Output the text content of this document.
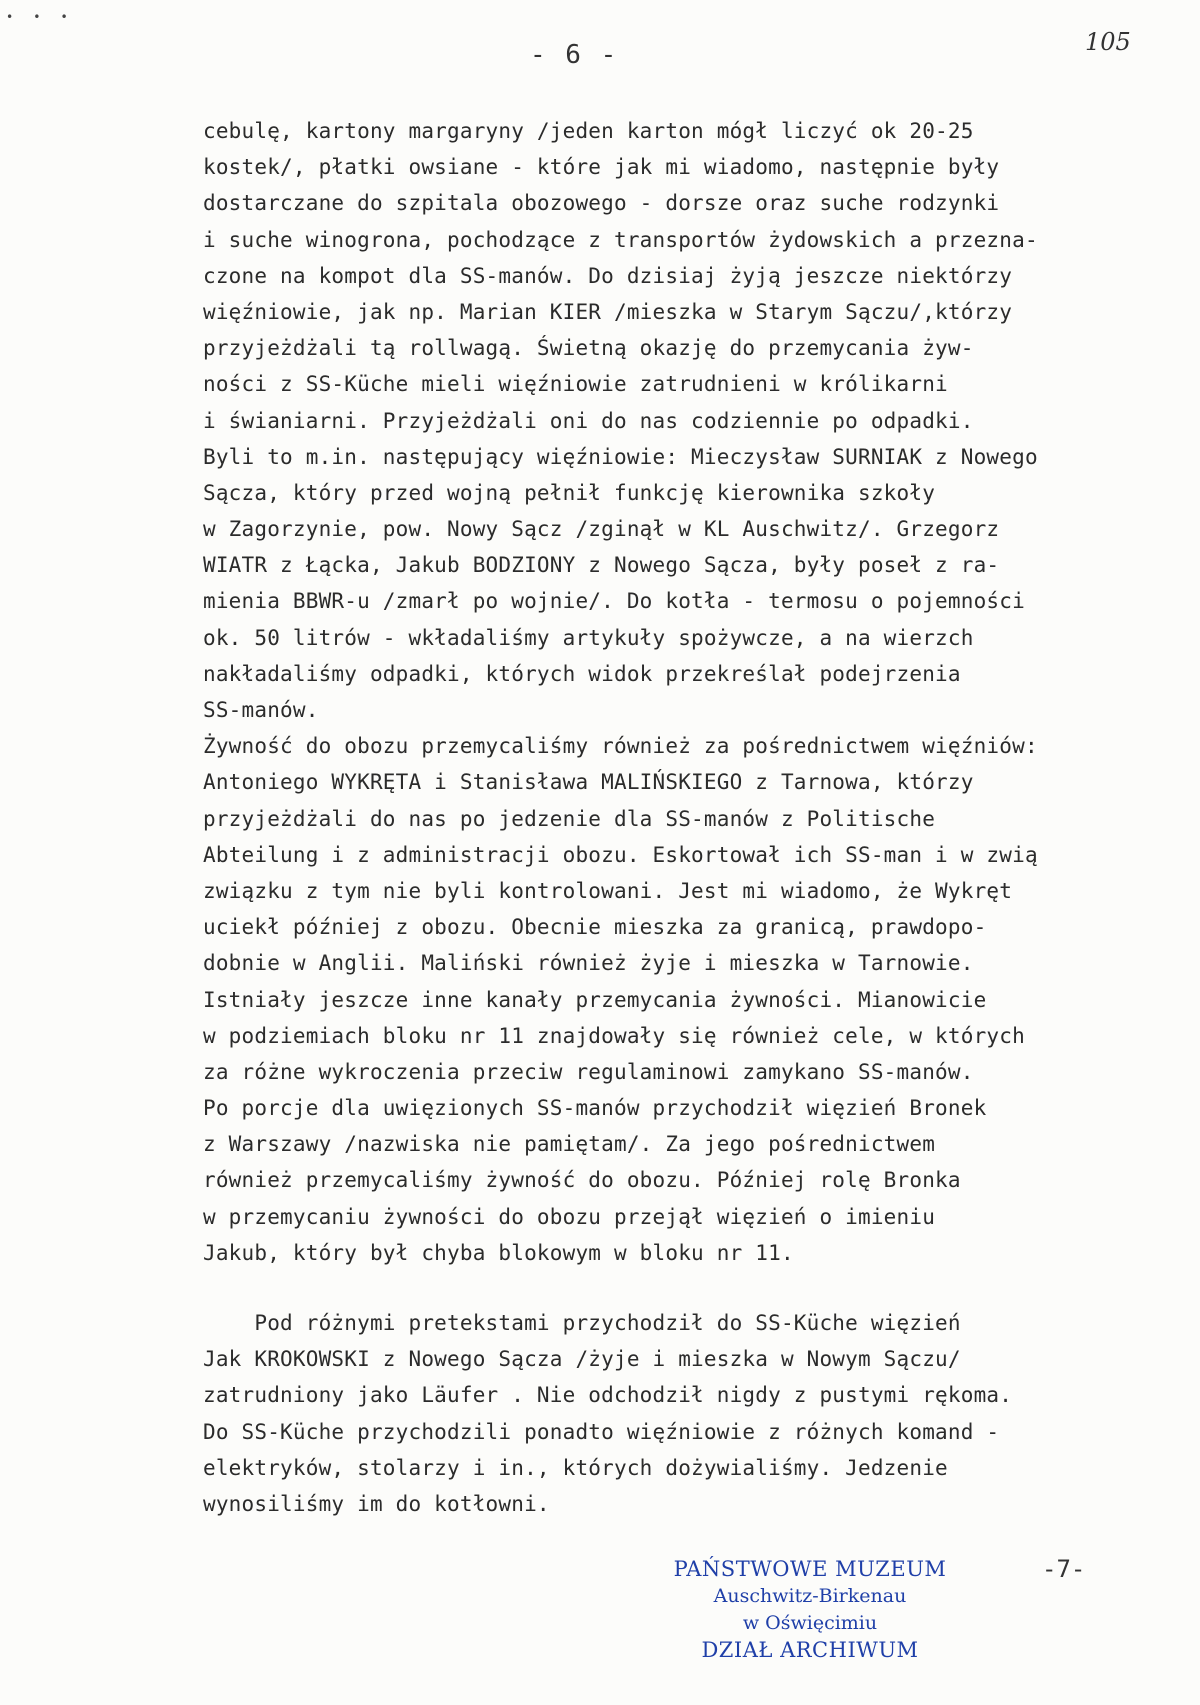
•••
- 6 -	105
cebulę, kartony margaryny /jeden karton mógł liczyć ok 20-25
kostek/, płatki owsiane - które jak mi wiadomo, następnie były
dostarczane do szpitala obozowego - dorsze oraz suche rodzynki
i suche winogrona, pochodzące z transportów żydowskich a przezna-
czone na kompot dla SS-manów. Do dzisiaj żyją jeszcze niektórzy
więźniowie, jak np. Marian KIER /mieszka w Starym Sączu/,którzy
przyjeżdżali tą rollwagą. Świetną okazję do przemycania żyw-
ności z SS-Küche mieli więźniowie zatrudnieni w królikarni
i świaniarni. Przyjeżdżali oni do nas codziennie po odpadki.
Byli to m.in. następujący więźniowie: Mieczysław SURNIAK z Nowego
Sącza, który przed wojną pełnił funkcję kierownika szkoły
w Zagorzynie, pow. Nowy Sącz /zginął w KL Auschwitz/. Grzegorz
WIATR z Łącka, Jakub BODZIONY z Nowego Sącza, były poseł z ra-
mienia BBWR-u /zmarł po wojnie/. Do kotła - termosu o pojemności
ok. 50 litrów - wkładaliśmy artykuły spożywcze, a na wierzch
nakładaliśmy odpadki, których widok przekreślał podejrzenia
SS-manów.
Żywność do obozu przemycaliśmy również za pośrednictwem więźniów:
Antoniego WYKRĘTA i Stanisława MALIŃSKIEGO z Tarnowa, którzy
przyjeżdżali do nas po jedzenie dla SS-manów z Politische
Abteilung i z administracji obozu. Eskortował ich SS-man i w zwią
związku z tym nie byli kontrolowani. Jest mi wiadomo, że Wykręt
uciekł później z obozu. Obecnie mieszka za granicą, prawdopo-
dobnie w Anglii. Maliński również żyje i mieszka w Tarnowie.
Istniały jeszcze inne kanały przemycania żywności. Mianowicie
w podziemiach bloku nr 11 znajdowały się również cele, w których
za różne wykroczenia przeciw regulaminowi zamykano SS-manów.
Po porcje dla uwięzionych SS-manów przychodził więzień Bronek
z Warszawy /nazwiska nie pamiętam/. Za jego pośrednictwem
również przemycaliśmy żywność do obozu. Później rolę Bronka
w przemycaniu żywności do obozu przejął więzień o imieniu
Jakub, który był chyba blokowym w bloku nr 11.
Pod różnymi pretekstami przychodził do SS-Küche więzień
Jak KROKOWSKI z Nowego Sącza /żyje i mieszka w Nowym Sączu/
zatrudniony jako Läufer . Nie odchodził nigdy z pustymi rękoma.
Do SS-Küche przychodzili ponadto więźniowie z różnych komand -
elektryków, stolarzy i in., których dożywialiśmy. Jedzenie
wynosiliśmy im do kotłowni.
-7-
PAŃSTWOWE MUZEUM
Auschwitz-Birkenau
w Oświęcimiu
DZIAŁ ARCHIWUM
